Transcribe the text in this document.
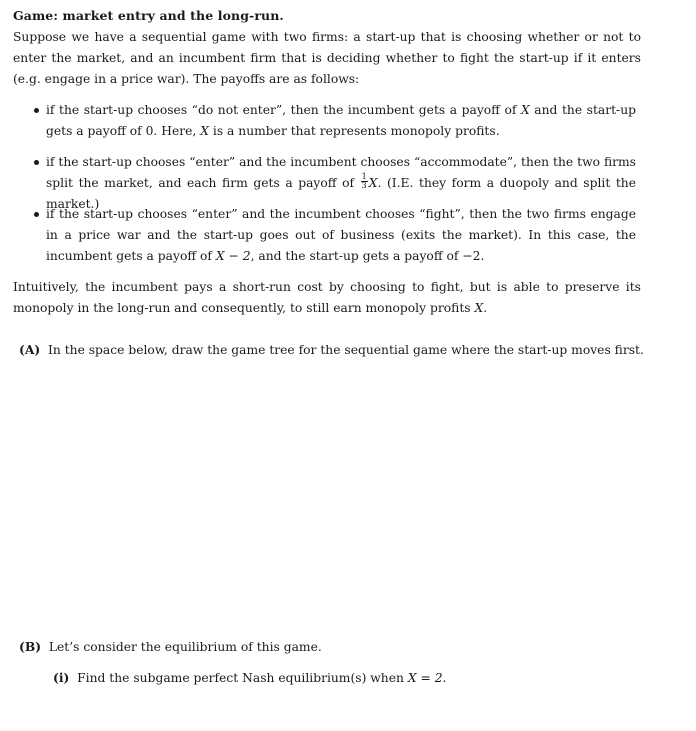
Game: market entry and the long-run.
Suppose we have a sequential game with two firms: a start-up that is choosing whether or not to enter the market, and an incumbent firm that is deciding whether to fight the start-up if it enters (e.g. engage in a price war). The payoffs are as follows:
if the start-up chooses “do not enter”, then the incumbent gets a payoff of X and the start-up gets a payoff of 0. Here, X is a number that represents monopoly profits.
if the start-up chooses “enter” and the incumbent chooses “accommodate”, then the two firms split the market, and each firm gets a payoff of $\frac{1}{3} X$. (I.E. they form a duopoly and split the market.)
if the start-up chooses “enter” and the incumbent chooses “fight”, then the two firms engage in a price war and the start-up goes out of business (exits the market). In this case, the incumbent gets a payoff of X − 2, and the start-up gets a payoff of −2.
Intuitively, the incumbent pays a short-run cost by choosing to fight, but is able to preserve its monopoly in the long-run and consequently, to still earn monopoly profits X.
(A) In the space below, draw the game tree for the sequential game where the start-up moves first.
(B) Let’s consider the equilibrium of this game.
(i) Find the subgame perfect Nash equilibrium(s) when X = 2.
